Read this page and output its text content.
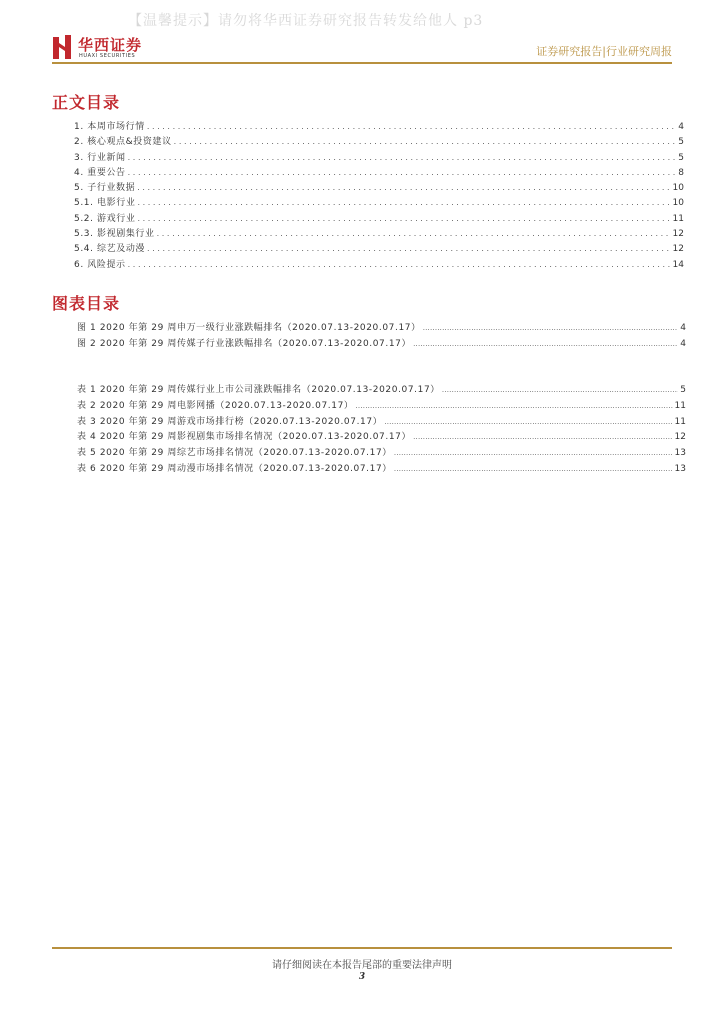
【温馨提示】请勿将华西证券研究报告转发给他人 p3
华西证券
HUAXI SECURITIES	证券研究报告|行业研究周报
正文目录
1. 本周市场行情 .....	4
2. 核心观点&投资建议 .....	5
3. 行业新闻 .....	5
4. 重要公告 .....	8
5. 子行业数据 .....	10
5.1. 电影行业 .....	10
5.2. 游戏行业 .....	11
5.3. 影视剧集行业 .....	12
5.4. 综艺及动漫 .....	12
6. 风险提示 .....	14
图表目录
图 1 2020 年第 29 周申万一级行业涨跌幅排名（2020.07.13-2020.07.17） .....	4
图 2 2020 年第 29 周传媒子行业涨跌幅排名（2020.07.13-2020.07.17） .....	4
表 1 2020 年第 29 周传媒行业上市公司涨跌幅排名（2020.07.13-2020.07.17） .....	5
表 2 2020 年第 29 周电影网播（2020.07.13-2020.07.17） .....	11
表 3 2020 年第 29 周游戏市场排行榜（2020.07.13-2020.07.17） .....	11
表 4 2020 年第 29 周影视剧集市场排名情况（2020.07.13-2020.07.17） .....	12
表 5 2020 年第 29 周综艺市场排名情况（2020.07.13-2020.07.17） .....	13
表 6 2020 年第 29 周动漫市场排名情况（2020.07.13-2020.07.17） .....	13
请仔细阅读在本报告尾部的重要法律声明
3
